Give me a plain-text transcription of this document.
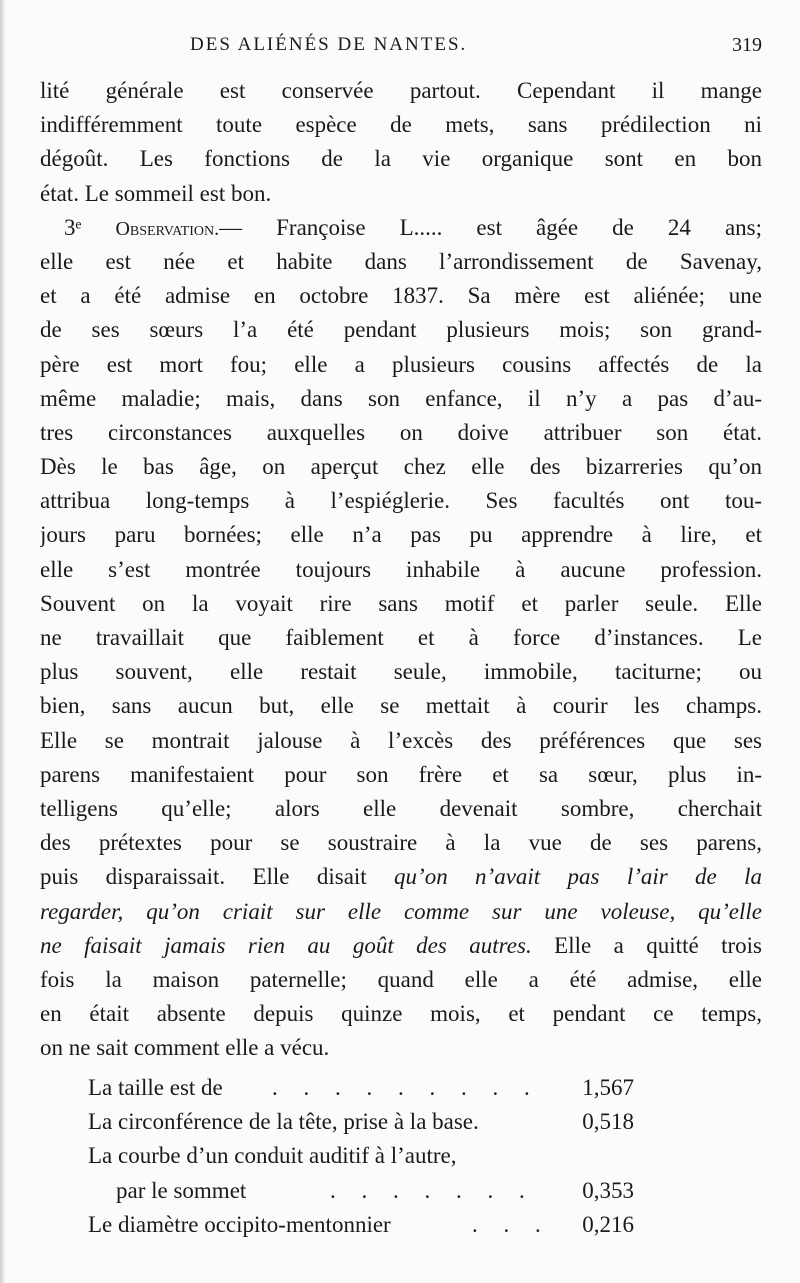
DES ALIÉNÉS DE NANTES.	319
lité générale est conservée partout. Cependant il mange
indifféremment toute espèce de mets, sans prédilection ni
dégoût. Les fonctions de la vie organique sont en bon
état. Le sommeil est bon.
3ᵉ Observation.— Françoise L..... est âgée de 24 ans;
elle est née et habite dans l’arrondissement de Savenay,
et a été admise en octobre 1837. Sa mère est aliénée; une
de ses sœurs l’a été pendant plusieurs mois; son grand-
père est mort fou; elle a plusieurs cousins affectés de la
même maladie; mais, dans son enfance, il n’y a pas d’au-
tres circonstances auxquelles on doive attribuer son état.
Dès le bas âge, on aperçut chez elle des bizarreries qu’on
attribua long-temps à l’espiéglerie. Ses facultés ont tou-
jours paru bornées; elle n’a pas pu apprendre à lire, et
elle s’est montrée toujours inhabile à aucune profession.
Souvent on la voyait rire sans motif et parler seule. Elle
ne travaillait que faiblement et à force d’instances. Le
plus souvent, elle restait seule, immobile, taciturne; ou
bien, sans aucun but, elle se mettait à courir les champs.
Elle se montrait jalouse à l’excès des préférences que ses
parens manifestaient pour son frère et sa sœur, plus in-
telligens qu’elle; alors elle devenait sombre, cherchait
des prétextes pour se soustraire à la vue de ses parens,
puis disparaissait. Elle disait qu’on n’avait pas l’air de la
regarder, qu’on criait sur elle comme sur une voleuse, qu’elle
ne faisait jamais rien au goût des autres. Elle a quitté trois
fois la maison paternelle; quand elle a été admise, elle
en était absente depuis quinze mois, et pendant ce temps,
on ne sait comment elle a vécu.
La taille est de . . . . . . . . . 1,567
La circonférence de la tête, prise à la base.	0,518
La courbe d’un conduit auditif à l’autre,
par le sommet	. . . . . . . 0,353
Le diamètre occipito-mentonnier	. . . 0,216
